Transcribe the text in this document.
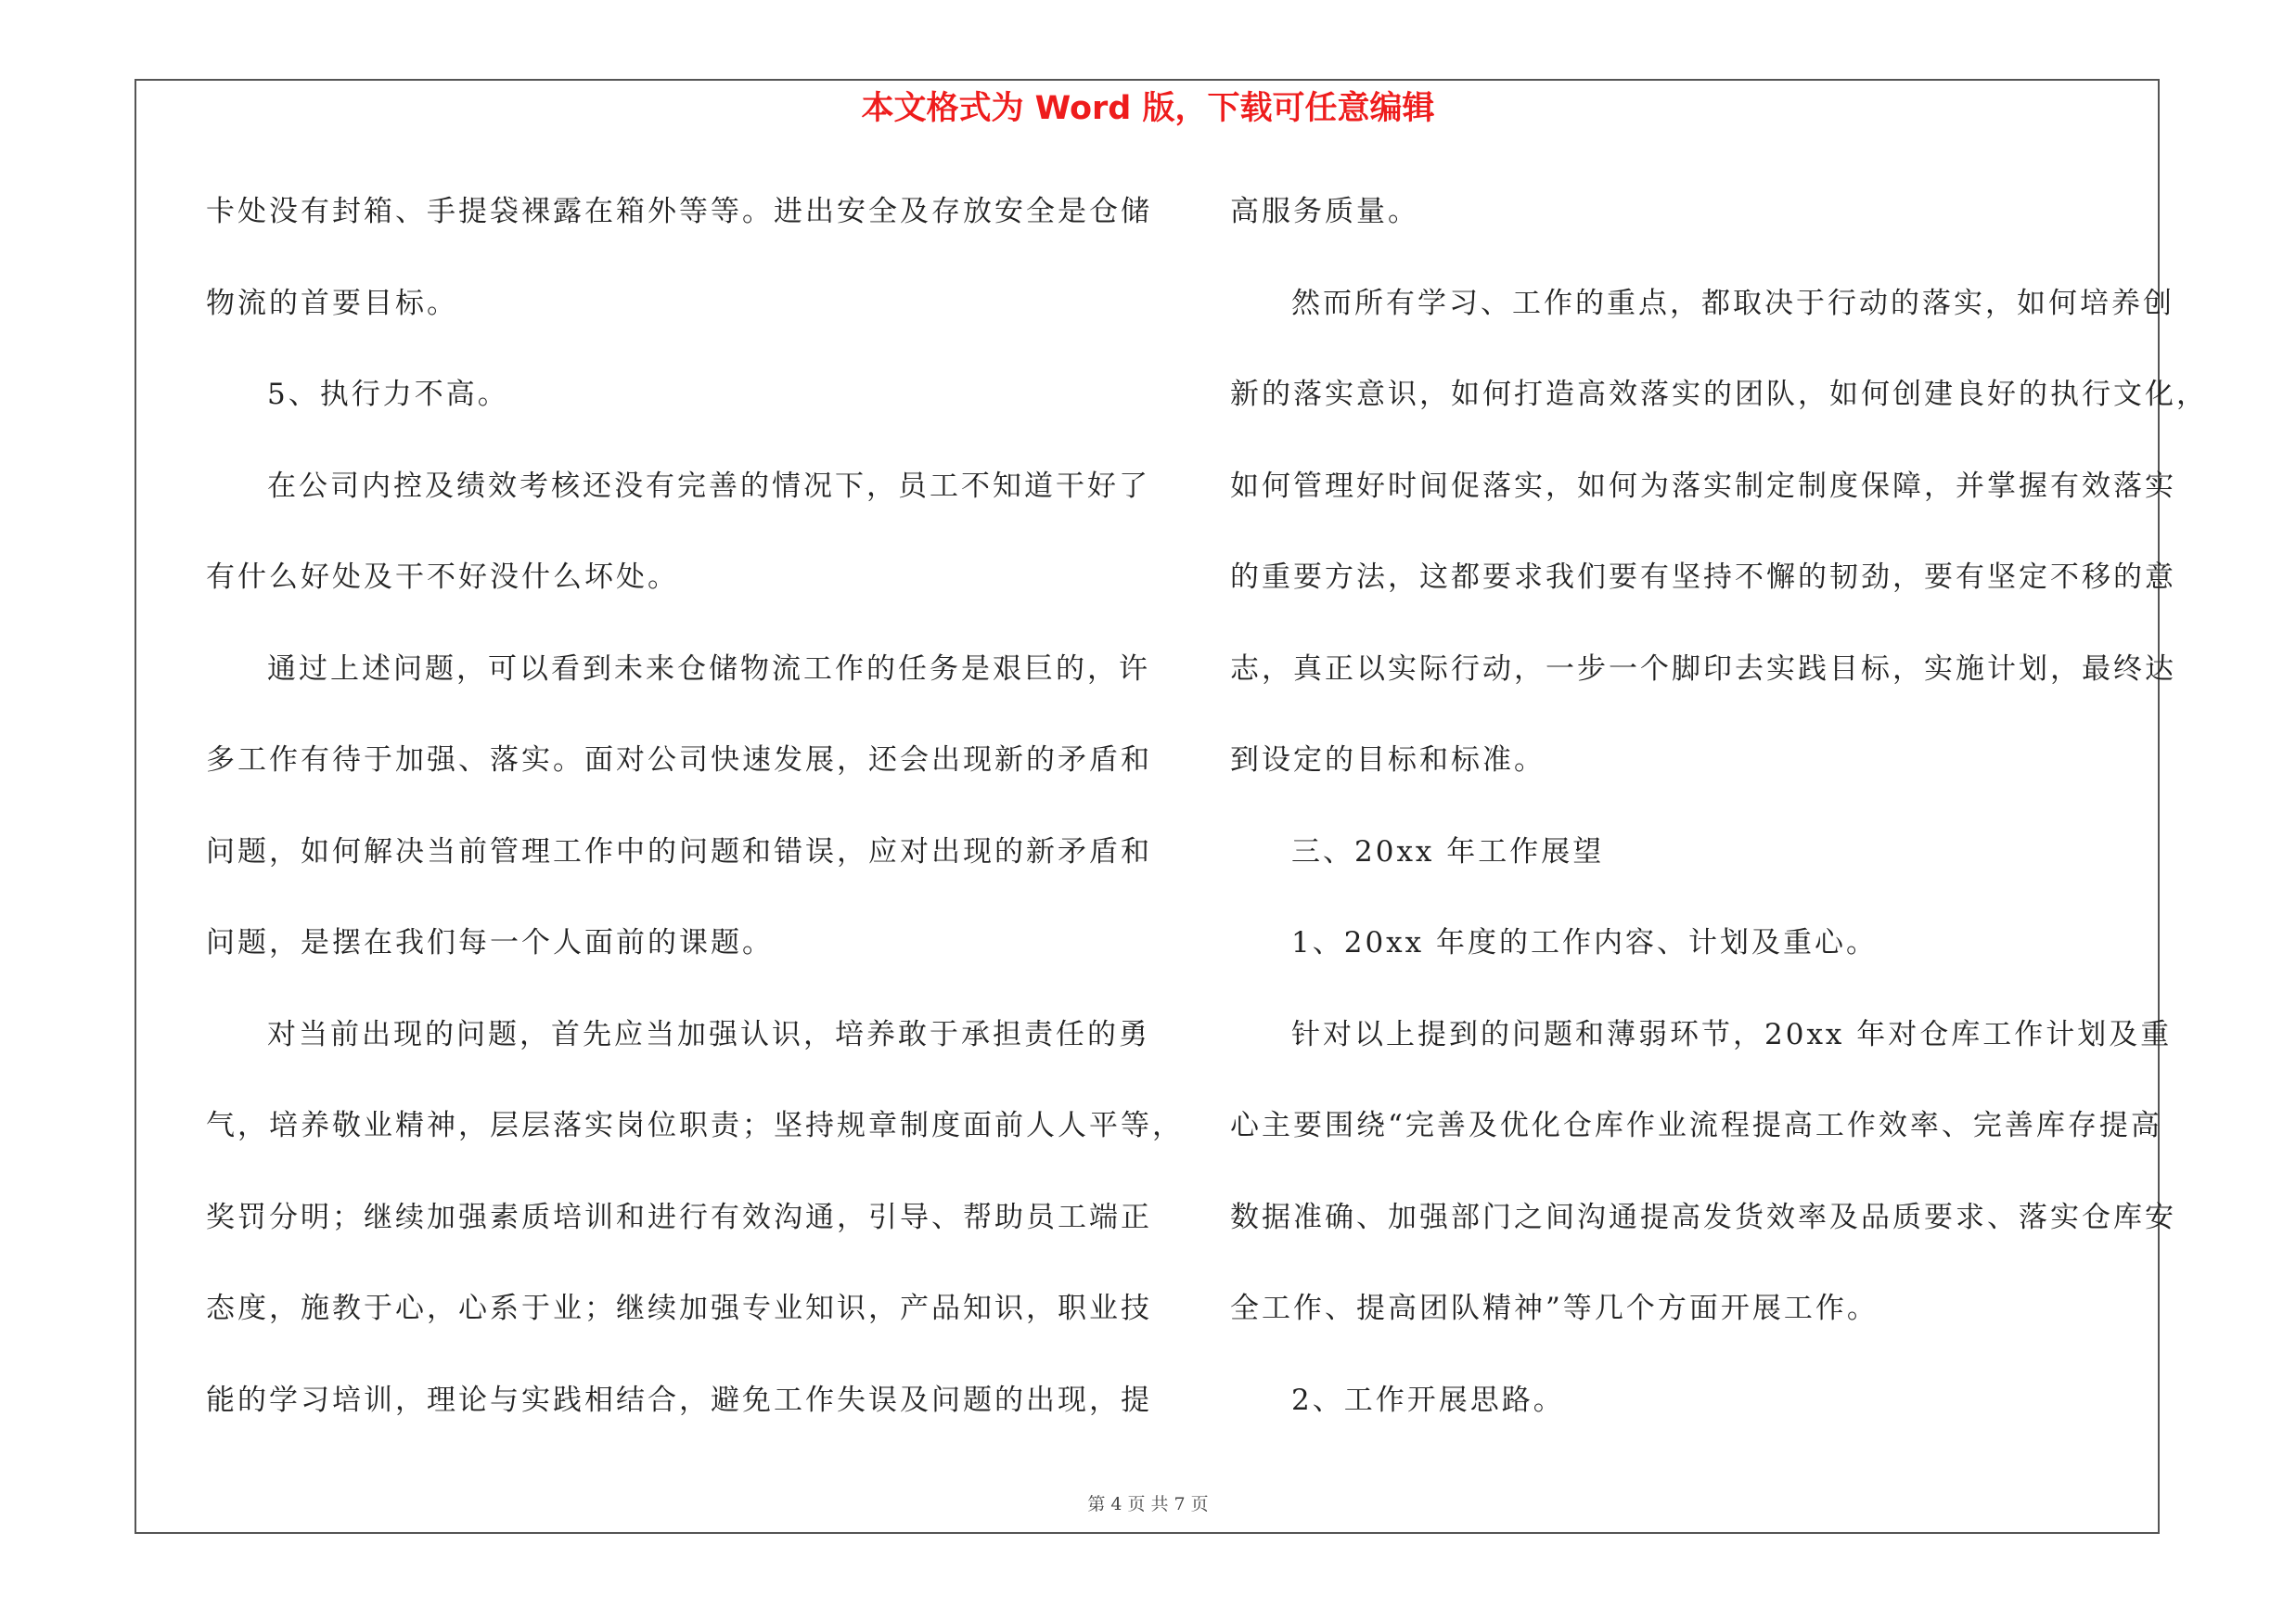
本文格式为 Word 版，下载可任意编辑
卡处没有封箱、手提袋裸露在箱外等等。进出安全及存放安全是仓储
物流的首要目标。
5、执行力不高。
在公司内控及绩效考核还没有完善的情况下，员工不知道干好了
有什么好处及干不好没什么坏处。
通过上述问题，可以看到未来仓储物流工作的任务是艰巨的，许
多工作有待于加强、落实。面对公司快速发展，还会出现新的矛盾和
问题，如何解决当前管理工作中的问题和错误，应对出现的新矛盾和
问题，是摆在我们每一个人面前的课题。
对当前出现的问题，首先应当加强认识，培养敢于承担责任的勇
气，培养敬业精神，层层落实岗位职责；坚持规章制度面前人人平等，
奖罚分明；继续加强素质培训和进行有效沟通，引导、帮助员工端正
态度，施教于心，心系于业；继续加强专业知识，产品知识，职业技
能的学习培训，理论与实践相结合，避免工作失误及问题的出现，提
高服务质量。
然而所有学习、工作的重点，都取决于行动的落实，如何培养创
新的落实意识，如何打造高效落实的团队，如何创建良好的执行文化，
如何管理好时间促落实，如何为落实制定制度保障，并掌握有效落实
的重要方法，这都要求我们要有坚持不懈的韧劲，要有坚定不移的意
志，真正以实际行动，一步一个脚印去实践目标，实施计划，最终达
到设定的目标和标准。
三、20xx 年工作展望
1、20xx 年度的工作内容、计划及重心。
针对以上提到的问题和薄弱环节，20xx 年对仓库工作计划及重
心主要围绕“完善及优化仓库作业流程提高工作效率、完善库存提高
数据准确、加强部门之间沟通提高发货效率及品质要求、落实仓库安
全工作、提高团队精神”等几个方面开展工作。
2、工作开展思路。
第 4 页 共 7 页
